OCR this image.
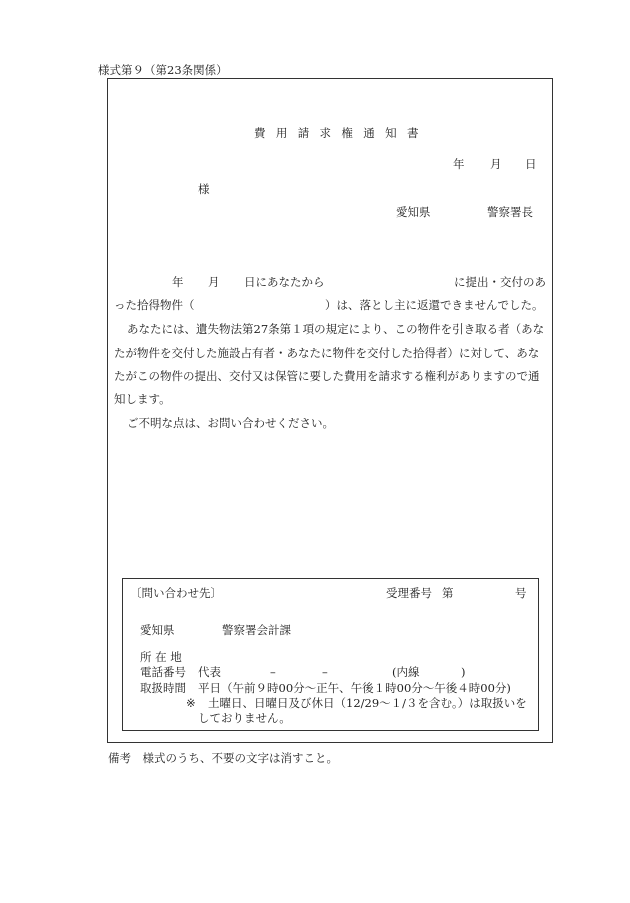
様式第９（第23条関係）
費用請求権通知書
年 月 日
様
愛知県	警察署長
年 月 日にあなたから	に提出・交付のあ
った拾得物件（	）は、落とし主に返還できませんでした。
あなたには、遺失物法第27条第１項の規定により、この物件を引き取る者（あな
たが物件を交付した施設占有者・あなたに物件を交付した拾得者）に対して、あな
たがこの物件の提出、交付又は保管に要した費用を請求する権利がありますので通
知します。
ご不明な点は、お問い合わせください。
〔問い合わせ先〕	受理番号 第	号
愛知県	警察署会計課
所 在 地
電話番号 代表	–	–	(内線	)
取扱時間 平日（午前９時00分～正午、午後１時00分～午後４時00分)
※ 土曜日、日曜日及び休日（12/29～１/３を含む。）は取扱いを
しておりません。
備考　様式のうち、不要の文字は消すこと。
